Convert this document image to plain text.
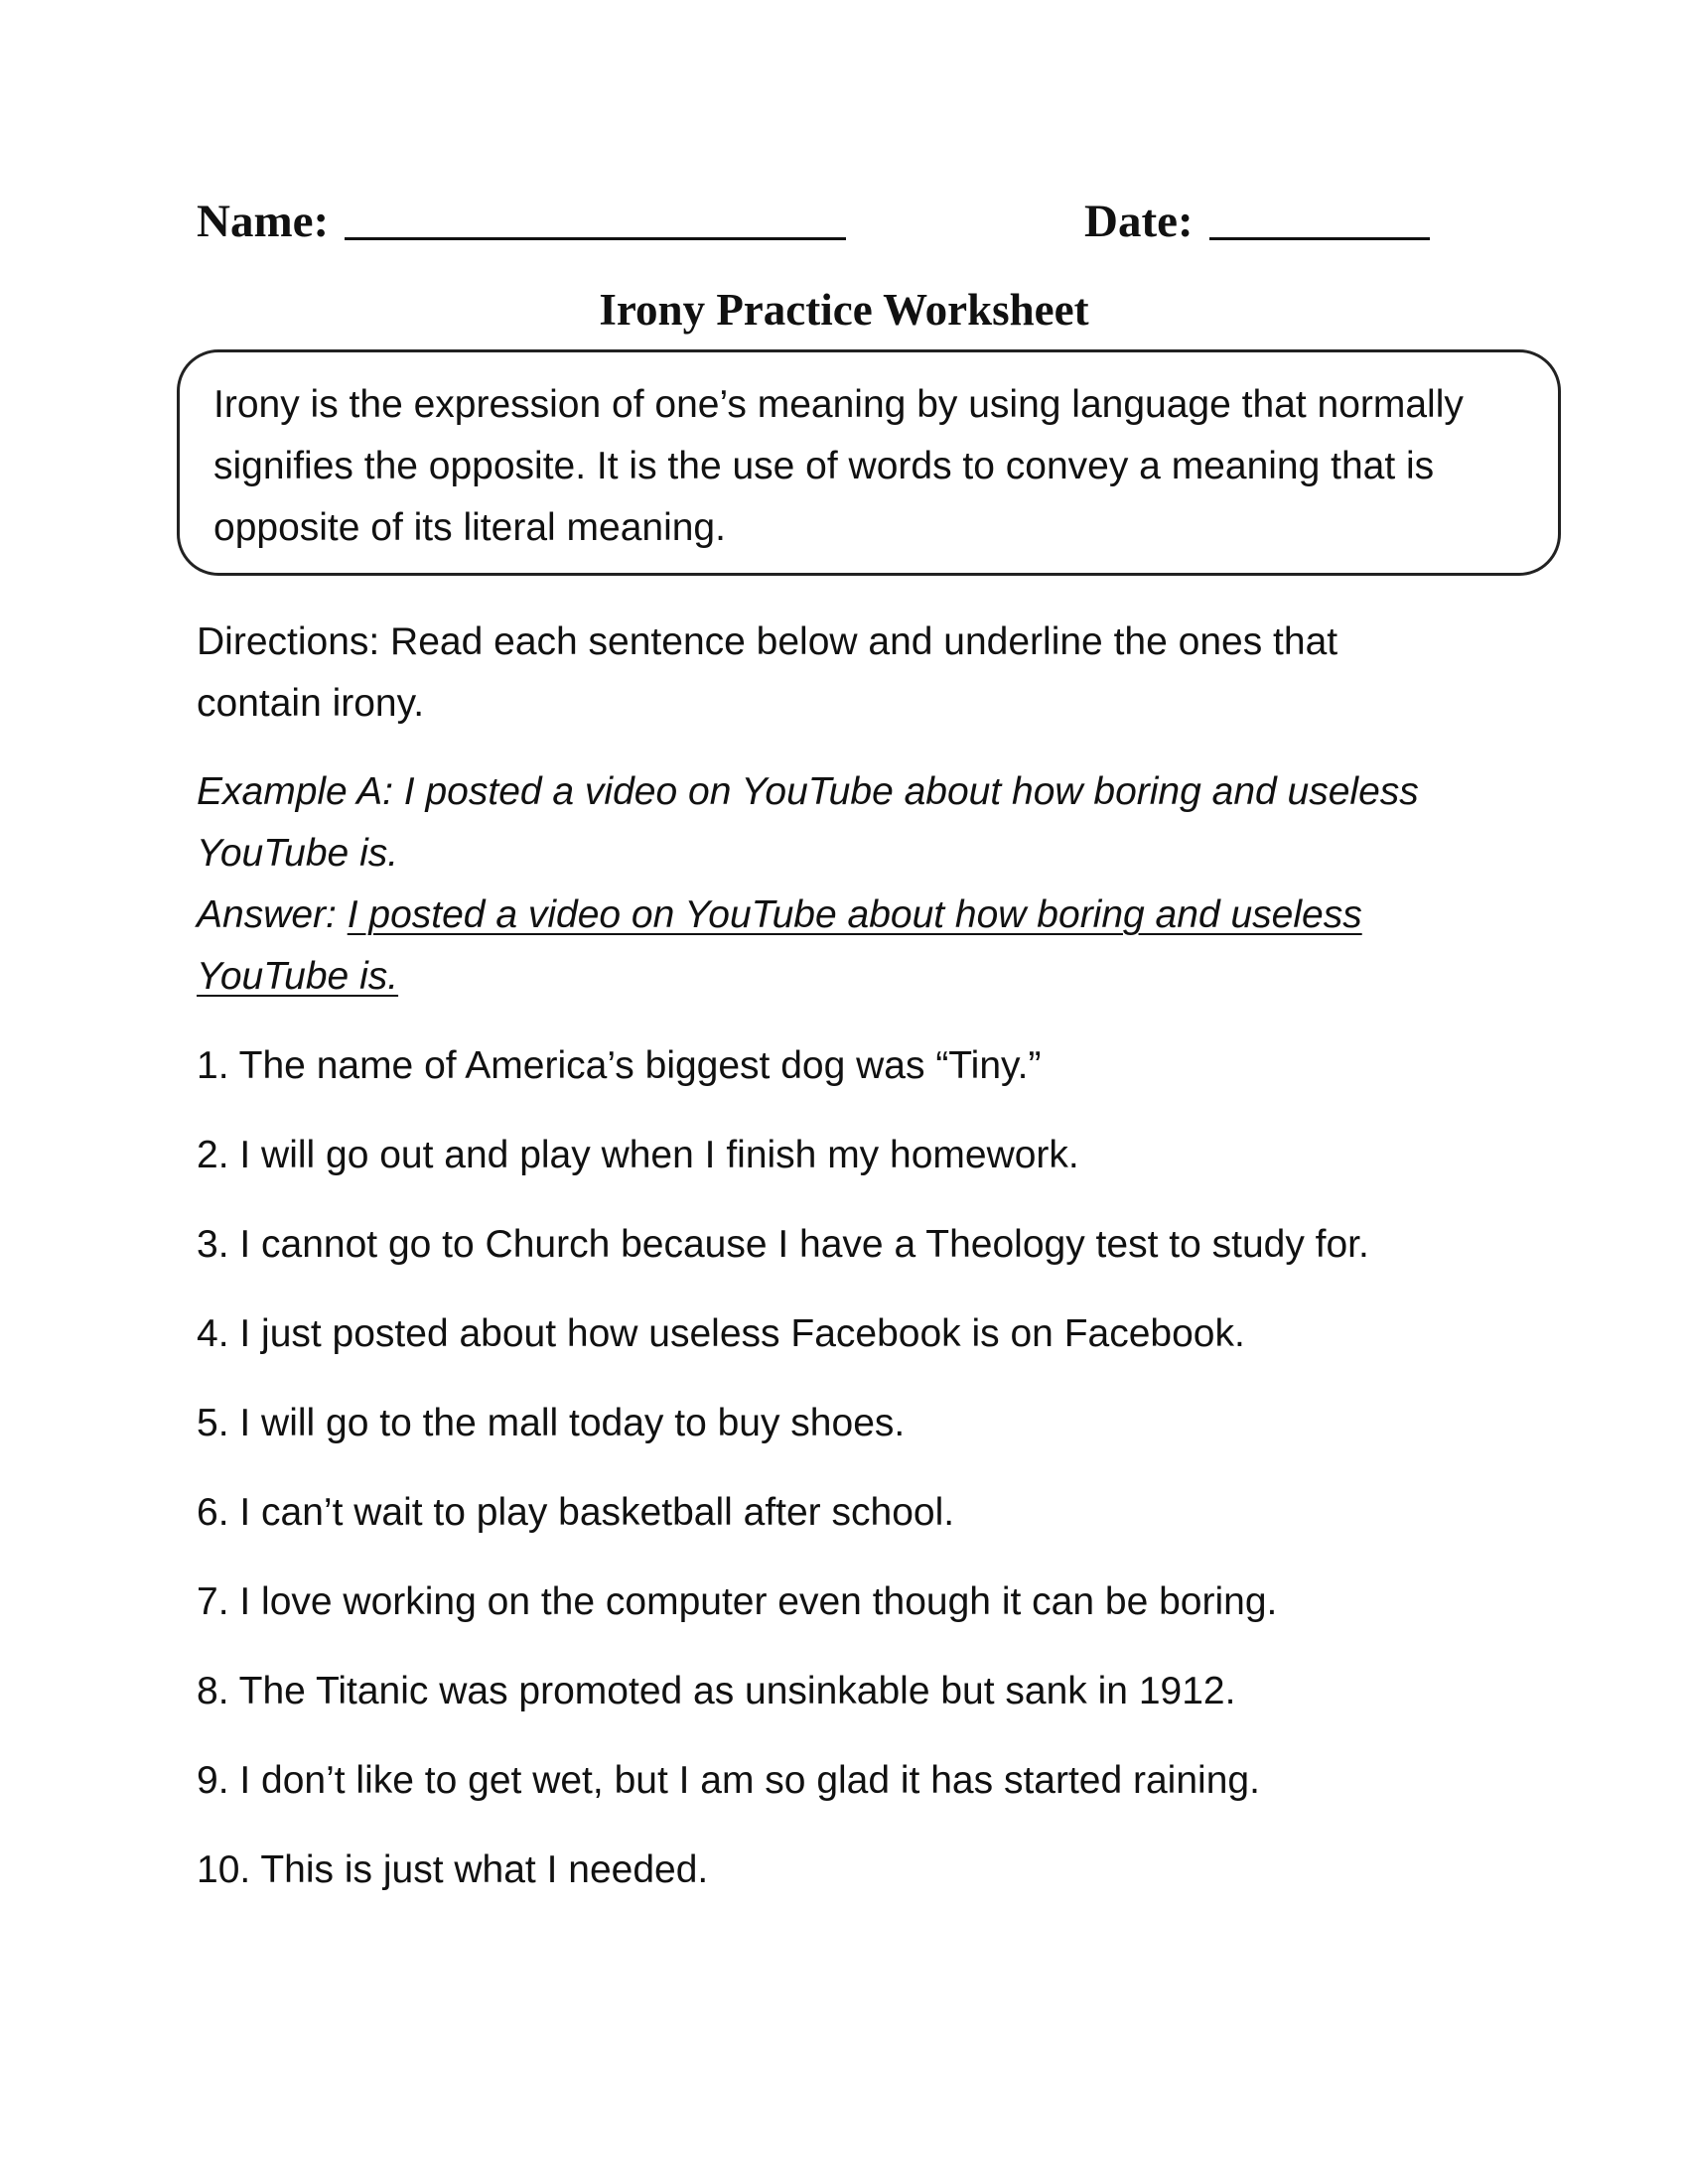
Name:	Date:
Irony Practice Worksheet
Irony is the expression of one’s meaning by using language that normally
signifies the opposite. It is the use of words to convey a meaning that is
opposite of its literal meaning.
Directions: Read each sentence below and underline the ones that
contain irony.
Example A: I posted a video on YouTube about how boring and useless
YouTube is.
Answer: I posted a video on YouTube about how boring and useless
YouTube is.
1. The name of America’s biggest dog was “Tiny.”
2. I will go out and play when I finish my homework.
3. I cannot go to Church because I have a Theology test to study for.
4. I just posted about how useless Facebook is on Facebook.
5. I will go to the mall today to buy shoes.
6. I can’t wait to play basketball after school.
7. I love working on the computer even though it can be boring.
8. The Titanic was promoted as unsinkable but sank in 1912.
9. I don’t like to get wet, but I am so glad it has started raining.
10. This is just what I needed.
